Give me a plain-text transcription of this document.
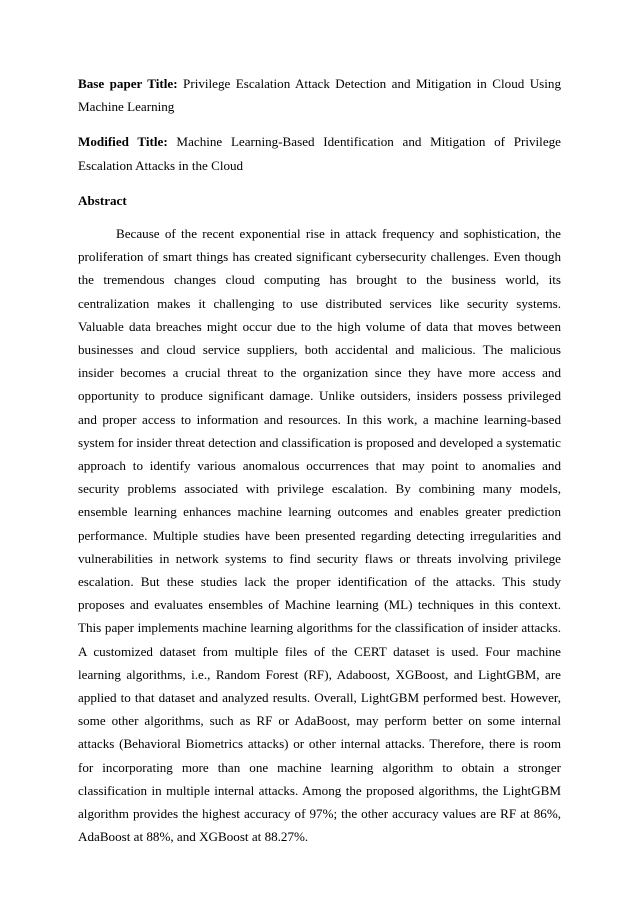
Base paper Title: Privilege Escalation Attack Detection and Mitigation in Cloud Using Machine Learning

Modified Title: Machine Learning-Based Identification and Mitigation of Privilege Escalation Attacks in the Cloud

Abstract

Because of the recent exponential rise in attack frequency and sophistication, the proliferation of smart things has created significant cybersecurity challenges. Even though the tremendous changes cloud computing has brought to the business world, its centralization makes it challenging to use distributed services like security systems. Valuable data breaches might occur due to the high volume of data that moves between businesses and cloud service suppliers, both accidental and malicious. The malicious insider becomes a crucial threat to the organization since they have more access and opportunity to produce significant damage. Unlike outsiders, insiders possess privileged and proper access to information and resources. In this work, a machine learning-based system for insider threat detection and classification is proposed and developed a systematic approach to identify various anomalous occurrences that may point to anomalies and security problems associated with privilege escalation. By combining many models, ensemble learning enhances machine learning outcomes and enables greater prediction performance. Multiple studies have been presented regarding detecting irregularities and vulnerabilities in network systems to find security flaws or threats involving privilege escalation. But these studies lack the proper identification of the attacks. This study proposes and evaluates ensembles of Machine learning (ML) techniques in this context. This paper implements machine learning algorithms for the classification of insider attacks. A customized dataset from multiple files of the CERT dataset is used. Four machine learning algorithms, i.e., Random Forest (RF), Adaboost, XGBoost, and LightGBM, are applied to that dataset and analyzed results. Overall, LightGBM performed best. However, some other algorithms, such as RF or AdaBoost, may perform better on some internal attacks (Behavioral Biometrics attacks) or other internal attacks. Therefore, there is room for incorporating more than one machine learning algorithm to obtain a stronger classification in multiple internal attacks. Among the proposed algorithms, the LightGBM algorithm provides the highest accuracy of 97%; the other accuracy values are RF at 86%, AdaBoost at 88%, and XGBoost at 88.27%.
